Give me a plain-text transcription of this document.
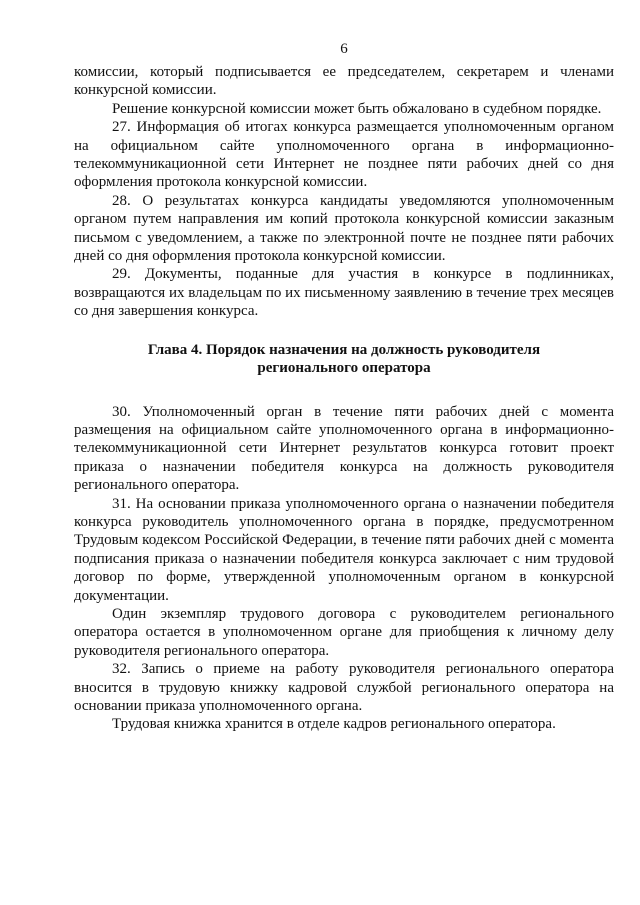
6

комиссии, который подписывается ее председателем, секретарем и членами конкурсной комиссии.

Решение конкурсной комиссии может быть обжаловано в судебном порядке.

27. Информация об итогах конкурса размещается уполномоченным органом на официальном сайте уполномоченного органа в информационно-телекоммуникационной сети Интернет не позднее пяти рабочих дней со дня оформления протокола конкурсной комиссии.

28. О результатах конкурса кандидаты уведомляются уполномоченным органом путем направления им копий протокола конкурсной комиссии заказным письмом с уведомлением, а также по электронной почте не позднее пяти рабочих дней со дня оформления протокола конкурсной комиссии.

29. Документы, поданные для участия в конкурсе в подлинниках, возвращаются их владельцам по их письменному заявлению в течение трех месяцев со дня завершения конкурса.

Глава 4. Порядок назначения на должность руководителя
регионального оператора

30. Уполномоченный орган в течение пяти рабочих дней с момента размещения на официальном сайте уполномоченного органа в информационно-телекоммуникационной сети Интернет результатов конкурса готовит проект приказа о назначении победителя конкурса на должность руководителя регионального оператора.

31. На основании приказа уполномоченного органа о назначении победителя конкурса руководитель уполномоченного органа в порядке, предусмотренном Трудовым кодексом Российской Федерации, в течение пяти рабочих дней с момента подписания приказа о назначении победителя конкурса заключает с ним трудовой договор по форме, утвержденной уполномоченным органом в конкурсной документации.

Один экземпляр трудового договора с руководителем регионального оператора остается в уполномоченном органе для приобщения к личному делу руководителя регионального оператора.

32. Запись о приеме на работу руководителя регионального оператора вносится в трудовую книжку кадровой службой регионального оператора на основании приказа уполномоченного органа.

Трудовая книжка хранится в отделе кадров регионального оператора.
